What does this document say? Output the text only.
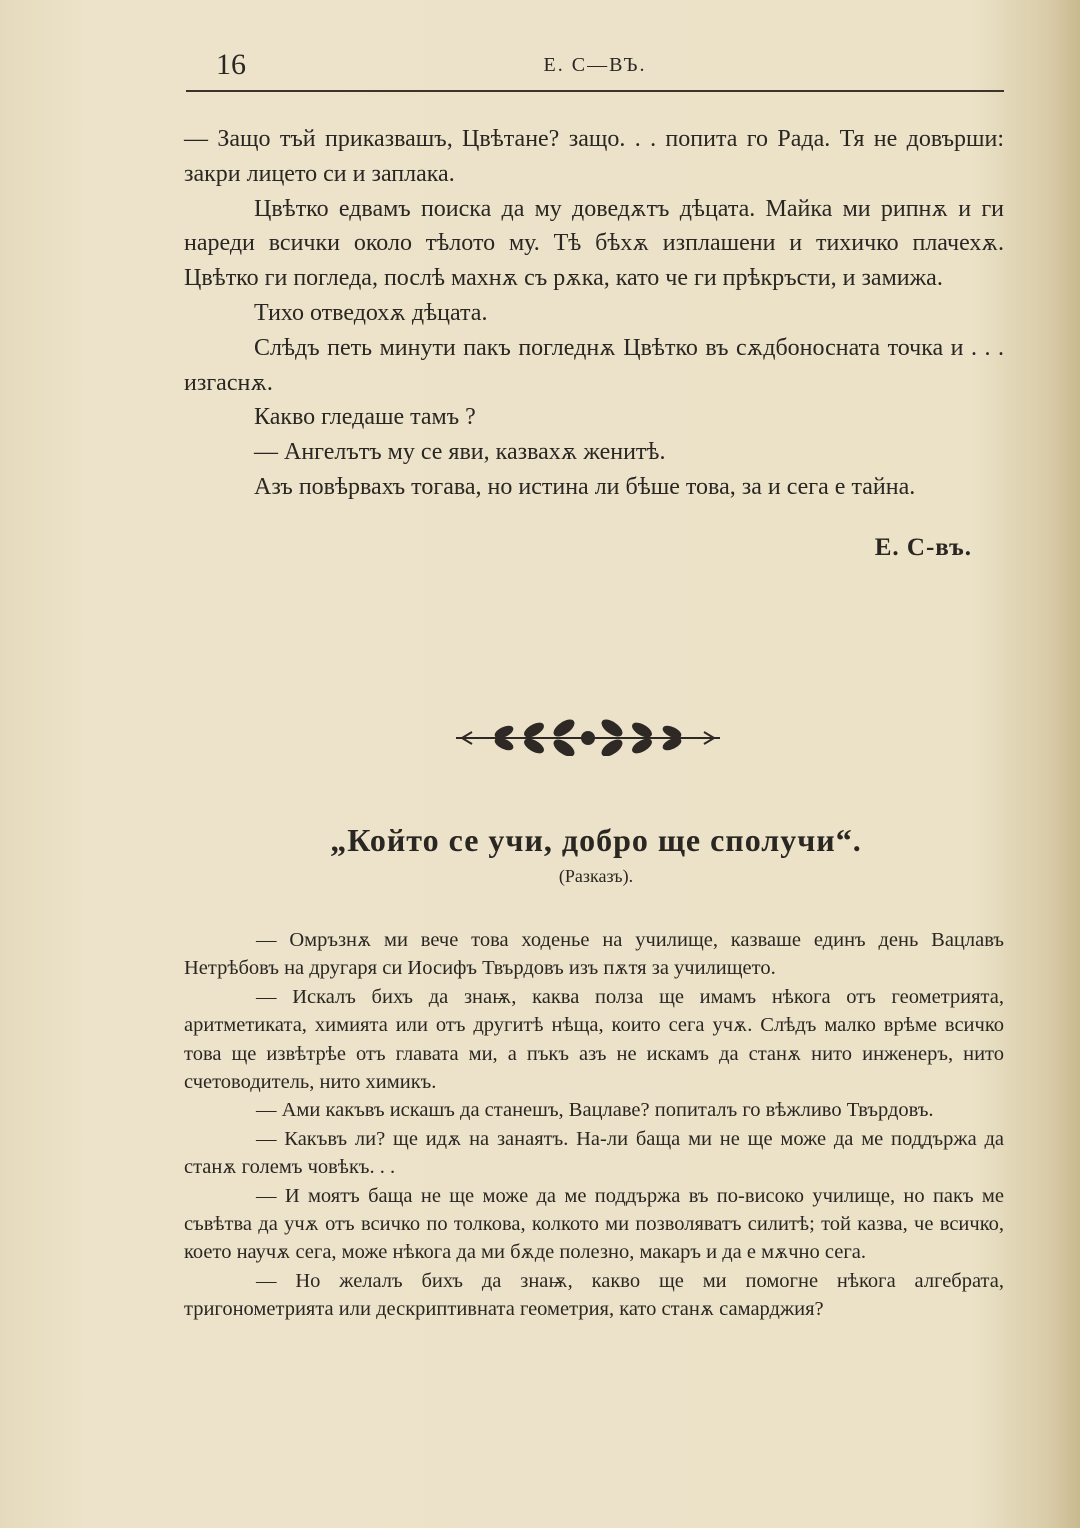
16	Е. С—ВЪ.

— Защо тъй приказвашъ, Цвѣтане? защо. . . попита го Рада. Тя не довърши: закри лицето си и заплака.

Цвѣтко едвамъ поиска да му доведѫтъ дѣцата. Майка ми рипнѫ и ги нареди всички около тѣлото му. Тѣ бѣхѫ изплашени и тихичко плачехѫ. Цвѣтко ги погледа, послѣ махнѫ съ рѫка, като че ги прѣкръсти, и замижа.

Тихо отведохѫ дѣцата.

Слѣдъ петь минути пакъ погледнѫ Цвѣтко въ сѫдбоносната точка и . . . изгаснѫ.

Какво гледаше тамъ ?

— Ангелътъ му се яви, казвахѫ женитѣ.

Азъ повѣрвахъ тогава, но истина ли бѣше това, за и сега е тайна.

Е. С-въ.
„Който се учи, добро ще сполучи“.
(Разказъ).

— Омръзнѫ ми вече това ходенье на училище, казваше единъ день Вацлавъ Нетрѣбовъ на другаря си Иосифъ Твърдовъ изъ пѫтя за училището.

— Искалъ бихъ да знаѭ, каква полза ще имамъ нѣкога отъ геометрията, аритметиката, химията или отъ другитѣ нѣща, които сега учѫ. Слѣдъ малко врѣме всичко това ще извѣтрѣе отъ главата ми, а пъкъ азъ не искамъ да станѫ нито инженеръ, нито счетоводитель, нито химикъ.

— Ами какъвъ искашъ да станешъ, Вацлаве? попиталъ го вѣжливо Твърдовъ.

— Какъвъ ли? ще идѫ на занаятъ. На-ли баща ми не ще може да ме поддържа да станѫ големъ човѣкъ. . .

— И моятъ баща не ще може да ме поддържа въ по-високо училище, но пакъ ме съвѣтва да учѫ отъ всичко по толкова, колкото ми позволяватъ силитѣ; той казва, че всичко, което научѫ сега, може нѣкога да ми бѫде полезно, макаръ и да е мѫчно сега.

— Но желалъ бихъ да знаѭ, какво ще ми помогне нѣкога алгебрата, тригонометрията или дескриптивната геометрия, като станѫ самарджия?
